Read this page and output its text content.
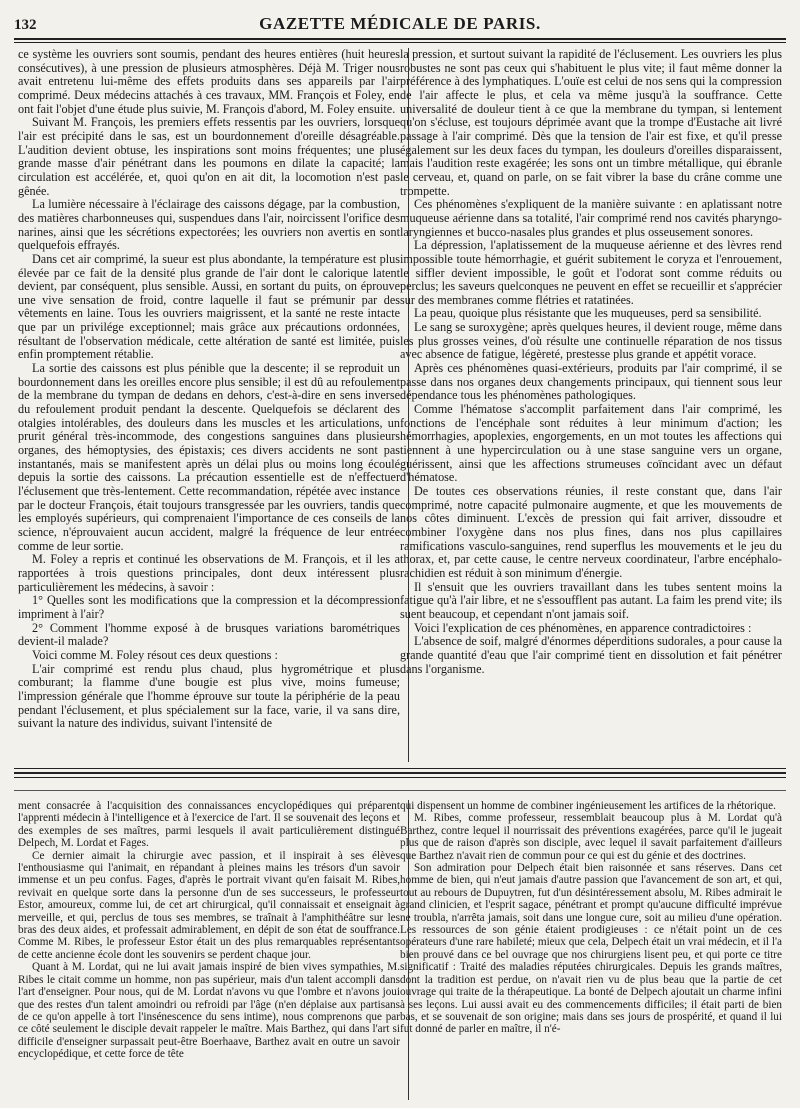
132	GAZETTE MÉDICALE DE PARIS.

ce système les ouvriers sont soumis, pendant des heures entières (huit heures consécutives), à une pression de plusieurs atmosphères. Déjà M. Triger nous avait entretenu lui-même des effets produits dans ses appareils par l'air comprimé. Deux médecins attachés à ces travaux, MM. François et Foley, en ont fait l'objet d'une étude plus suivie, M. François d'abord, M. Foley ensuite.

Suivant M. François, les premiers effets ressentis par les ouvriers, lorsque l'air est précipité dans le sas, est un bourdonnement d'oreille désagréable. L'audition devient obtuse, les inspirations sont moins fréquentes; une plus grande masse d'air pénétrant dans les poumons en dilate la capacité; la circulation est accélérée, et, quoi qu'on en ait dit, la locomotion n'est pas gênée.

La lumière nécessaire à l'éclairage des caissons dégage, par la combustion, des matières charbonneuses qui, suspendues dans l'air, noircissent l'orifice des narines, ainsi que les sécrétions expectorées; les ouvriers non avertis en sont quelquefois effrayés.

Dans cet air comprimé, la sueur est plus abondante, la température est plus élevée par ce fait de la densité plus grande de l'air dont le calorique latent devient, par conséquent, plus sensible. Aussi, en sortant du puits, on éprouve une vive sensation de froid, contre laquelle il faut se prémunir par des vêtements en laine. Tous les ouvriers maigrissent, et la santé ne reste intacte que par un privilége exceptionnel; mais grâce aux précautions ordonnées, résultant de l'observation médicale, cette altération de santé est limitée, puis enfin promptement rétablie.

La sortie des caissons est plus pénible que la descente; il se reproduit un bourdonnement dans les oreilles encore plus sensible; il est dû au refoulement de la membrane du tympan de dedans en dehors, c'est-à-dire en sens inverse du refoulement produit pendant la descente. Quelquefois se déclarent des otalgies intolérables, des douleurs dans les muscles et les articulations, un prurit général très-incommode, des congestions sanguines dans plusieurs organes, des hémoptysies, des épistaxis; ces divers accidents ne sont pas instantanés, mais se manifestent après un délai plus ou moins long écoulé depuis la sortie des caissons. La précaution essentielle est de n'effectuer l'éclusement que très-lentement. Cette recommandation, répétée avec instance par le docteur François, était toujours transgressée par les ouvriers, tandis que les employés supérieurs, qui comprenaient l'importance de ces conseils de la science, n'éprouvaient aucun accident, malgré la fréquence de leur entrée comme de leur sortie.

M. Foley a repris et continué les observations de M. François, et il les a rapportées à trois questions principales, dont deux intéressent plus particulièrement les médecins, à savoir :

1° Quelles sont les modifications que la compression et la décompression impriment à l'air?

2° Comment l'homme exposé à de brusques variations barométriques devient-il malade?

Voici comme M. Foley résout ces deux questions :

L'air comprimé est rendu plus chaud, plus hygrométrique et plus comburant; la flamme d'une bougie est plus vive, moins fumeuse; l'impression générale que l'homme éprouve sur toute la périphérie de la peau pendant l'éclusement, et plus spécialement sur la face, varie, il va sans dire, suivant la nature des individus, suivant l'intensité de

la pression, et surtout suivant la rapidité de l'éclusement. Les ouvriers les plus robustes ne sont pas ceux qui s'habituent le plus vite; il faut même donner la préférence à des lymphatiques. L'ouïe est celui de nos sens qui la compression de l'air affecte le plus, et cela va même jusqu'à la souffrance. Cette universalité de douleur tient à ce que la membrane du tympan, si lentement qu'on s'écluse, est toujours déprimée avant que la trompe d'Eustache ait livré passage à l'air comprimé. Dès que la tension de l'air est fixe, et qu'il presse également sur les deux faces du tympan, les douleurs d'oreilles disparaissent, mais l'audition reste exagérée; les sons ont un timbre métallique, qui ébranle le cerveau, et, quand on parle, on se fait vibrer la base du crâne comme une trompette.

Ces phénomènes s'expliquent de la manière suivante : en aplatissant notre muqueuse aérienne dans sa totalité, l'air comprimé rend nos cavités pharyngo-laryngiennes et bucco-nasales plus grandes et plus osseusement sonores.

La dépression, l'aplatissement de la muqueuse aérienne et des lèvres rend impossible toute hémorrhagie, et guérit subitement le coryza et l'enrouement, le siffler devient impossible, le goût et l'odorat sont comme réduits ou perclus; les saveurs quelconques ne peuvent en effet se recueillir et s'apprécier sur des membranes comme flétries et ratatinées.

La peau, quoique plus résistante que les muqueuses, perd sa sensibilité.

Le sang se suroxygène; après quelques heures, il devient rouge, même dans les plus grosses veines, d'où résulte une continuelle réparation de nos tissus avec absence de fatigue, légèreté, prestesse plus grande et appétit vorace.

Après ces phénomènes quasi-extérieurs, produits par l'air comprimé, il se passe dans nos organes deux changements principaux, qui tiennent sous leur dépendance tous les phénomènes pathologiques.

Comme l'hématose s'accomplit parfaitement dans l'air comprimé, les fonctions de l'encéphale sont réduites à leur minimum d'action; les hémorrhagies, apoplexies, engorgements, en un mot toutes les affections qui tiennent à une hypercirculation ou à une stase sanguine vers un organe, guérissent, ainsi que les affections strumeuses coïncidant avec un défaut d'hématose.

De toutes ces observations réunies, il reste constant que, dans l'air comprimé, notre capacité pulmonaire augmente, et que les mouvements de nos côtes diminuent. L'excès de pression qui fait arriver, dissoudre et combiner l'oxygène dans nos plus fines, dans nos plus capillaires ramifications vasculo-sanguines, rend superflus les mouvements et le jeu du thorax, et, par cette cause, le centre nerveux coordinateur, l'arbre encéphalo-rachidien est réduit à son minimum d'énergie.

Il s'ensuit que les ouvriers travaillant dans les tubes sentent moins la fatigue qu'à l'air libre, et ne s'essoufflent pas autant. La faim les prend vite; ils suent beaucoup, et cependant n'ont jamais soif.

Voici l'explication de ces phénomènes, en apparence contradictoires :

L'absence de soif, malgré d'énormes déperditions sudorales, a pour cause la grande quantité d'eau que l'air comprimé tient en dissolution et fait pénétrer dans l'organisme.

ment consacrée à l'acquisition des connaissances encyclopédiques qui préparent l'apprenti médecin à l'intelligence et à l'exercice de l'art. Il se souvenait des leçons et des exemples de ses maîtres, parmi lesquels il avait particulièrement distingué Delpech, M. Lordat et Fages.

Ce dernier aimait la chirurgie avec passion, et il inspirait à ses élèves l'enthousiasme qui l'animait, en répandant à pleines mains les trésors d'un savoir immense et un peu confus. Fages, d'après le portrait vivant qu'en faisait M. Ribes, revivait en quelque sorte dans la personne d'un de ses successeurs, le professeur Estor, amoureux, comme lui, de cet art chirurgical, qu'il connaissait et enseignait à merveille, et qui, perclus de tous ses membres, se traînait à l'amphithéâtre sur les bras des deux aides, et professait admirablement, en dépit de son état de souffrance. Comme M. Ribes, le professeur Estor était un des plus remarquables représentants de cette ancienne école dont les souvenirs se perdent chaque jour.

Quant à M. Lordat, qui ne lui avait jamais inspiré de bien vives sympathies, M. Ribes le citait comme un homme, non pas supérieur, mais d'un talent accompli dans l'art d'enseigner. Pour nous, qui de M. Lordat n'avons vu que l'ombre et n'avons joui que des restes d'un talent amoindri ou refroidi par l'âge (n'en déplaise aux partisans de ce qu'on appelle à tort l'insénescence du sens intime), nous comprenons que par ce côté seulement le disciple devait rappeler le maître. Mais Barthez, qui dans l'art si difficile d'enseigner surpassait peut-être Boerhaave, Barthez avait en outre un savoir encyclopédique, et cette force de tête

qui dispensent un homme de combiner ingénieusement les artifices de la rhétorique.

M. Ribes, comme professeur, ressemblait beaucoup plus à M. Lordat qu'à Barthez, contre lequel il nourrissait des préventions exagérées, parce qu'il le jugeait plus que de raison d'après son disciple, avec lequel il savait parfaitement d'ailleurs que Barthez n'avait rien de commun pour ce qui est du génie et des doctrines.

Son admiration pour Delpech était bien raisonnée et sans réserves. Dans cet homme de bien, qui n'eut jamais d'autre passion que l'avancement de son art, et qui, tout au rebours de Dupuytren, fut d'un désintéressement absolu, M. Ribes admirait le grand clinicien, et l'esprit sagace, pénétrant et prompt qu'aucune difficulté imprévue ne troubla, n'arrêta jamais, soit dans une longue cure, soit au milieu d'une opération. Les ressources de son génie étaient prodigieuses : ce n'était point un de ces opérateurs d'une rare habileté; mieux que cela, Delpech était un vrai médecin, et il l'a bien prouvé dans ce bel ouvrage que nos chirurgiens lisent peu, et qui porte ce titre significatif : Traité des maladies réputées chirurgicales. Depuis les grands maîtres, dont la tradition est perdue, on n'avait rien vu de plus beau que la partie de cet ouvrage qui traite de la thérapeutique. La bonté de Delpech ajoutait un charme infini à ses leçons. Lui aussi avait eu des commencements difficiles; il était parti de bien bas, et se souvenait de son origine; mais dans ses jours de prospérité, et quand il lui fut donné de parler en maître, il n'é-
